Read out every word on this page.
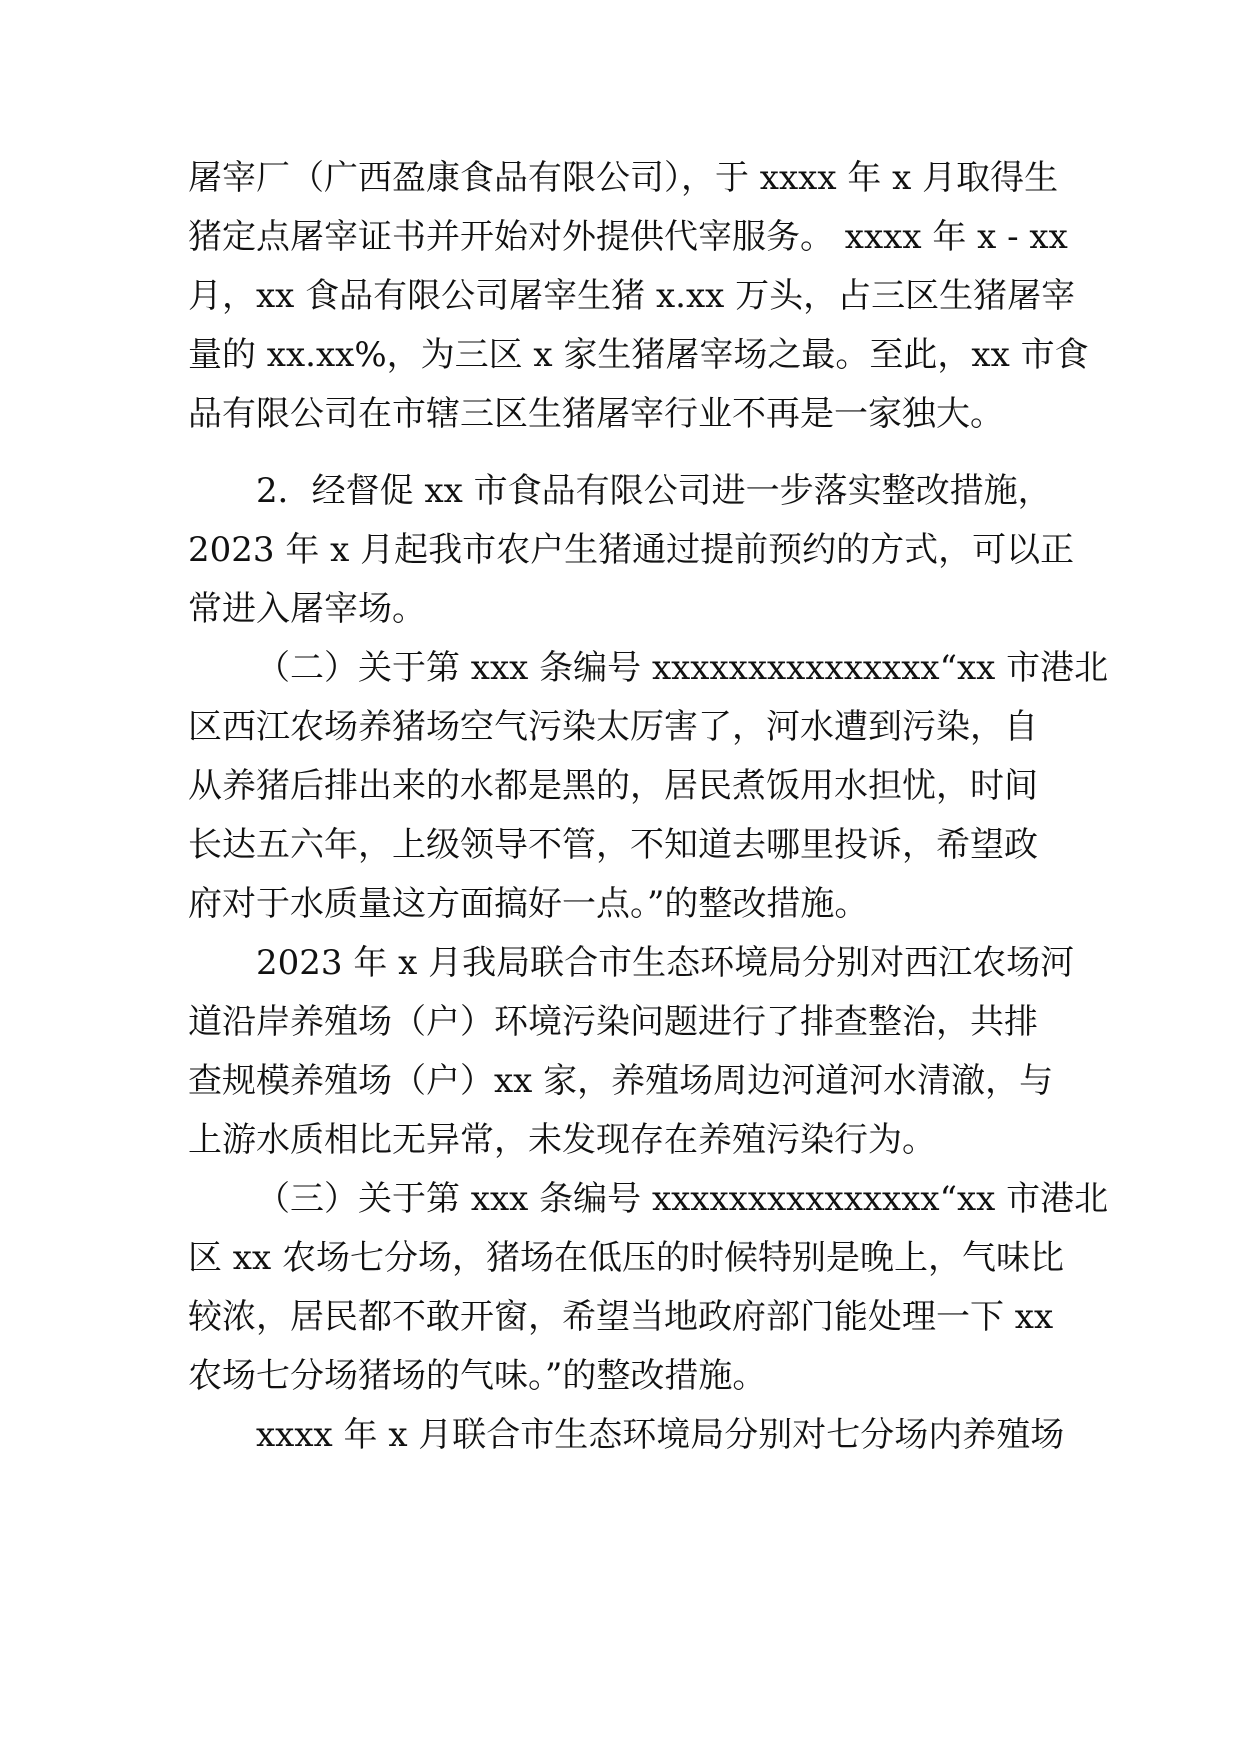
屠宰厂（广西盈康食品有限公司），于 xxxx 年 x 月取得生
猪定点屠宰证书并开始对外提供代宰服务。 xxxx 年 x - xx
月，xx 食品有限公司屠宰生猪 x.xx 万头，占三区生猪屠宰
量的 xx.xx%，为三区 x 家生猪屠宰场之最。至此，xx 市食
品有限公司在市辖三区生猪屠宰行业不再是一家独大。
2．经督促 xx 市食品有限公司进一步落实整改措施，
2023 年 x 月起我市农户生猪通过提前预约的方式，可以正
常进入屠宰场。
（二）关于第 xxx 条编号 xxxxxxxxxxxxxxx“xx 市港北
区西江农场养猪场空气污染太厉害了，河水遭到污染，自
从养猪后排出来的水都是黑的，居民煮饭用水担忧，时间
长达五六年，上级领导不管，不知道去哪里投诉，希望政
府对于水质量这方面搞好一点。”的整改措施。
2023 年 x 月我局联合市生态环境局分别对西江农场河
道沿岸养殖场（户）环境污染问题进行了排查整治，共排
查规模养殖场（户）xx 家，养殖场周边河道河水清澈，与
上游水质相比无异常，未发现存在养殖污染行为。
（三）关于第 xxx 条编号 xxxxxxxxxxxxxxx“xx 市港北
区 xx 农场七分场，猪场在低压的时候特别是晚上，气味比
较浓，居民都不敢开窗，希望当地政府部门能处理一下 xx
农场七分场猪场的气味。”的整改措施。
xxxx 年 x 月联合市生态环境局分别对七分场内养殖场
